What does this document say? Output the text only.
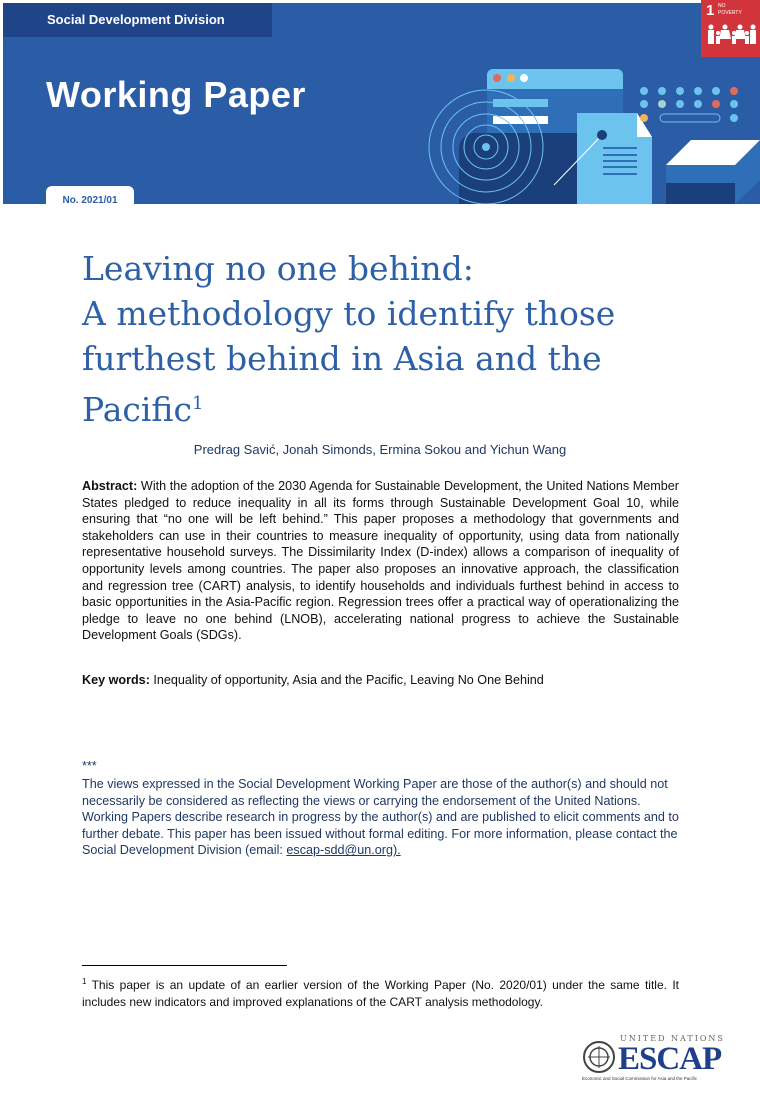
Social Development Division
Working Paper
No. 2021/01
1 NO
POVERTY
Leaving no one behind:
A methodology to identify those
furthest behind in Asia and the
Pacific$^1$
Predrag Savić, Jonah Simonds, Ermina Sokou and Yichun Wang
Abstract: With the adoption of the 2030 Agenda for Sustainable Development, the United Nations Member States pledged to reduce inequality in all its forms through Sustainable Development Goal 10, while ensuring that “no one will be left behind.” This paper proposes a methodology that governments and stakeholders can use in their countries to measure inequality of opportunity, using data from nationally representative household surveys. The Dissimilarity Index (D-index) allows a comparison of inequality of opportunity levels among countries. The paper also proposes an innovative approach, the classification and regression tree (CART) analysis, to identify households and individuals furthest behind in access to basic opportunities in the Asia-Pacific region. Regression trees offer a practical way of operationalizing the pledge to leave no one behind (LNOB), accelerating national progress to achieve the Sustainable Development Goals (SDGs).
Key words: Inequality of opportunity, Asia and the Pacific, Leaving No One Behind
***
The views expressed in the Social Development Working Paper are those of the author(s) and should not necessarily be considered as reflecting the views or carrying the endorsement of the United Nations. Working Papers describe research in progress by the author(s) and are published to elicit comments and to further debate. This paper has been issued without formal editing. For more information, please contact the Social Development Division (email: escap-sdd@un.org).
$^1$ This paper is an update of an earlier version of the Working Paper (No. 2020/01) under the same title. It includes new indicators and improved explanations of the CART analysis methodology.
UNITED NATIONS
ESCAP
Economic and Social Commission for Asia and the Pacific
